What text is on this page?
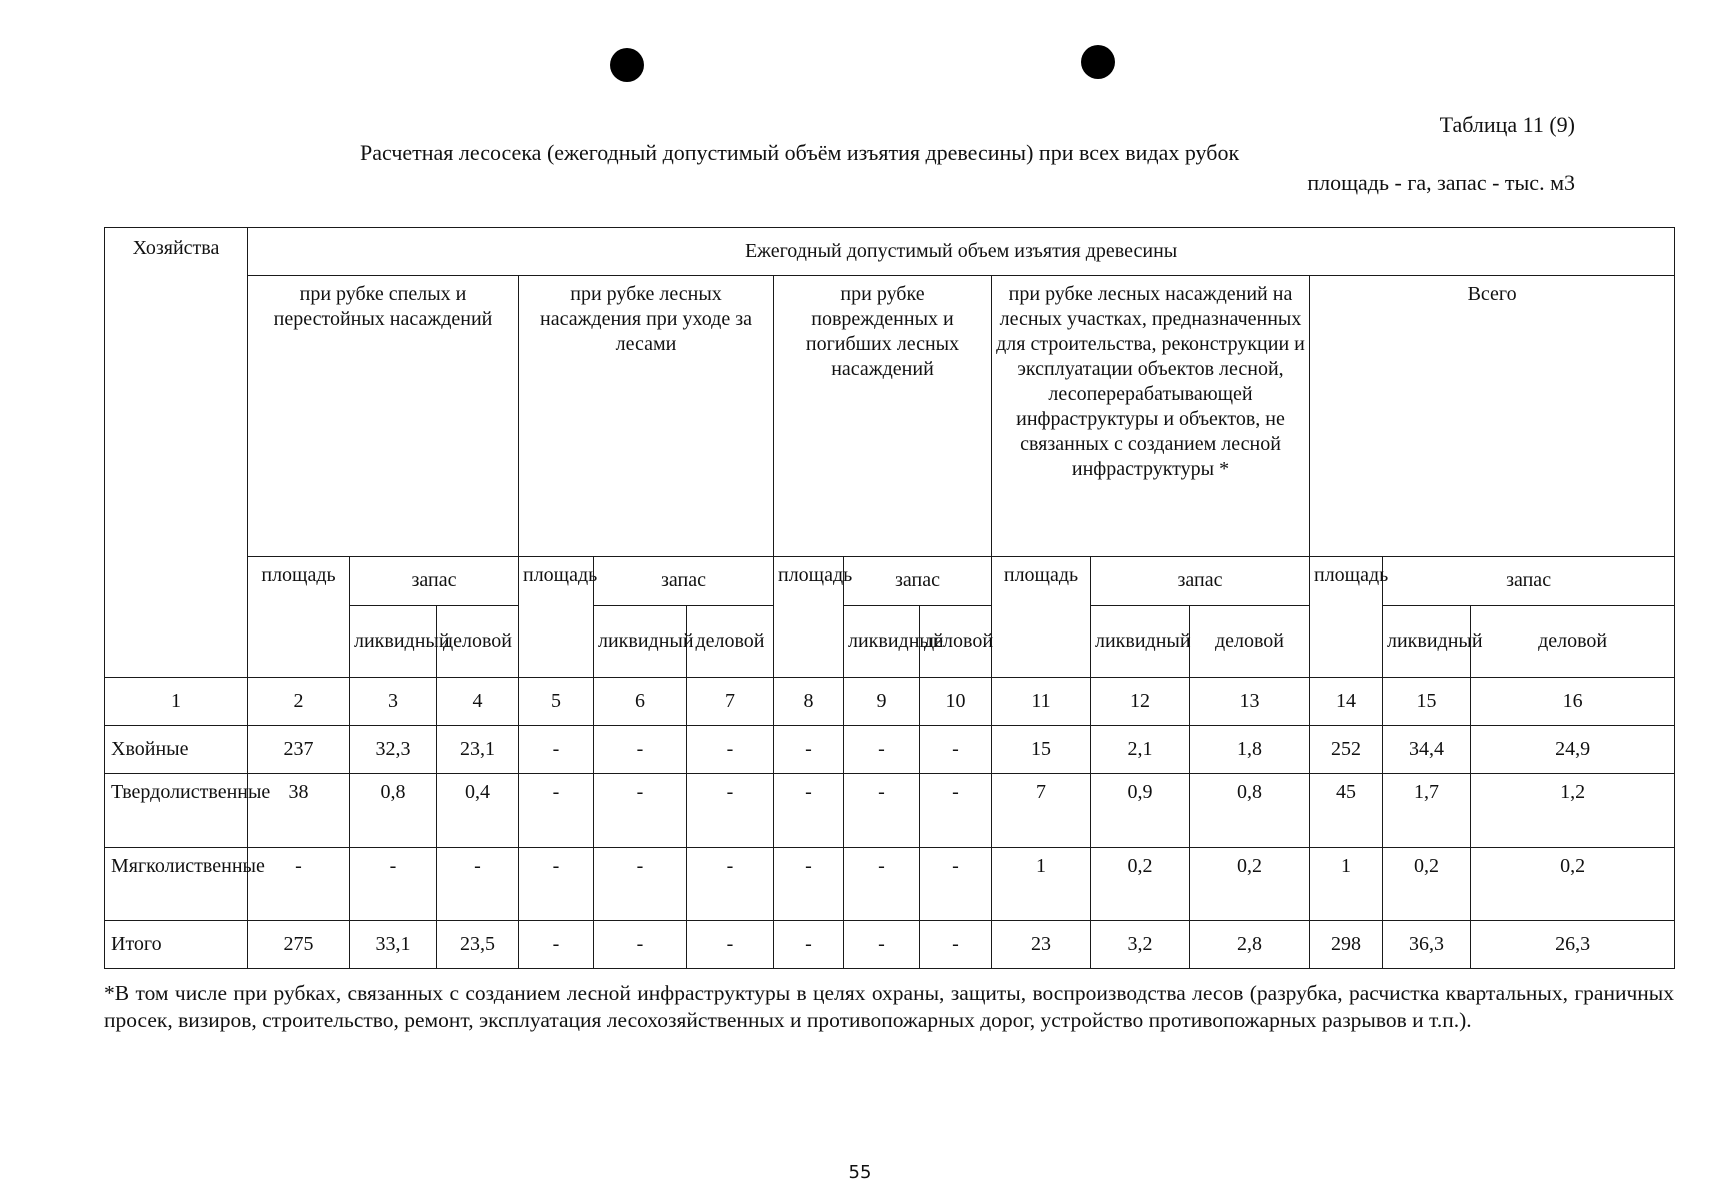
Таблица 11 (9)
Расчетная лесосека (ежегодный допустимый объём изъятия древесины) при всех видах рубок
площадь - га, запас - тыс. м3
Хозяйства	Ежегодный допустимый объем изъятия древесины														
	при рубке спелых и перестойных насаждений			при рубке лесных насаждения при уходе за лесами			при рубке поврежденных и погибших лесных насаждений			при рубке лесных насаждений на лесных участках, предназначенных для строительства, реконструкции и эксплуатации объектов лесной, лесоперерабатывающей инфраструктуры и объектов, не связанных с созданием лесной инфраструктуры *			Всего		
	площадь	запас		площадь	запас		площадь	запас		площадь	запас		площадь	запас	
		ликвидный	деловой		ликвидный	деловой		ликвидный	деловой		ликвидный	деловой		ликвидный	деловой
1	2	3	4	5	6	7	8	9	10	11	12	13	14	15	16
Хвойные	237	32,3	23,1	-	-	-	-	-	-	15	2,1	1,8	252	34,4	24,9
Твердолиственные	38	0,8	0,4	-	-	-	-	-	-	7	0,9	0,8	45	1,7	1,2
Мягколиственные	-	-	-	-	-	-	-	-	-	1	0,2	0,2	1	0,2	0,2
Итого	275	33,1	23,5	-	-	-	-	-	-	23	3,2	2,8	298	36,3	26,3
*В том числе при рубках, связанных с созданием лесной инфраструктуры в целях охраны, защиты, воспроизводства лесов (разрубка, расчистка квартальных, граничных просек, визиров, строительство, ремонт, эксплуатация лесохозяйственных и противопожарных дорог, устройство противопожарных разрывов и т.п.).
55
